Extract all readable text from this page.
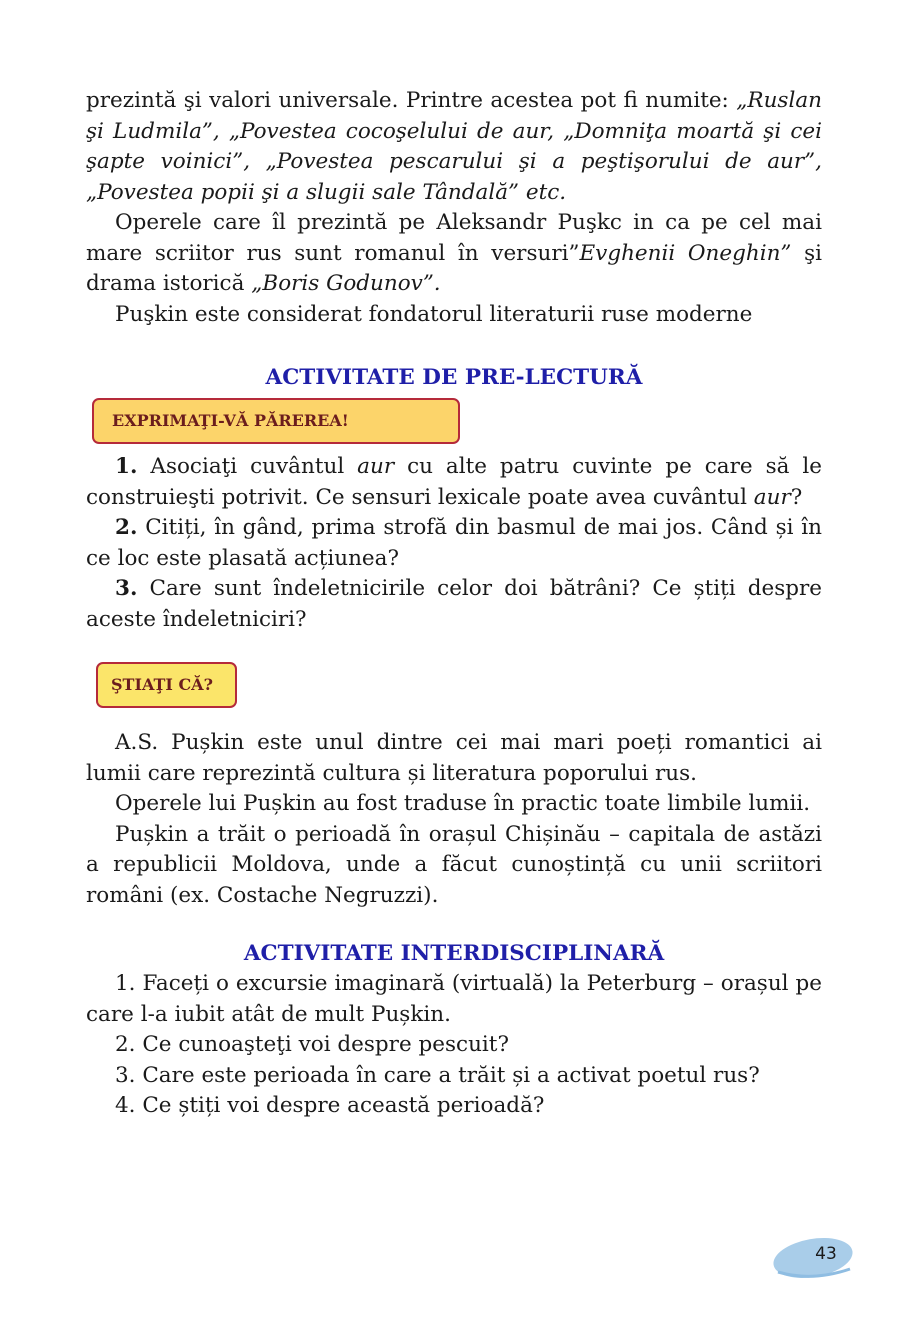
prezintă şi valori universale. Printre acestea pot fi numite: „Ruslan şi Ludmila”, „Povestea cocoşelului de aur, „Domniţa moartă şi cei şapte voinici”, „Povestea pescarului şi a peştişorului de aur”, „Povestea popii şi a slugii sale Tândală” etc.

Operele care îl prezintă pe Aleksandr Puşkc in ca pe cel mai mare scriitor rus sunt romanul în versuri”Evghenii Oneghin” şi drama istorică „Boris Godunov”.

Puşkin este considerat fondatorul literaturii ruse moderne

ACTIVITATE DE PRE-LECTURĂ
EXPRIMAŢI-VĂ PĂREREA!

1. Asociaţi cuvântul aur cu alte patru cuvinte pe care să le construieşti potrivit. Ce sensuri lexicale poate avea cuvântul aur?

2. Citiți, în gând, prima strofă din basmul de mai jos. Când și în ce loc este plasată acțiunea?

3. Care sunt îndeletnicirile celor doi bătrâni? Ce știți despre aceste îndeletniciri?

ŞTIAŢI CĂ?

A.S. Pușkin este unul dintre cei mai mari poeți romantici ai lumii care reprezintă cultura și literatura poporului rus.

Operele lui Pușkin au fost traduse în practic toate limbile lumii.

Pușkin a trăit o perioadă în orașul Chișinău – capitala de astăzi a republicii Moldova, unde a făcut cunoștință cu unii scriitori români (ex. Costache Negruzzi).

ACTIVITATE INTERDISCIPLINARĂ

1. Faceți o excursie imaginară (virtuală) la Peterburg – orașul pe care l-a iubit atât de mult Pușkin.

2. Ce cunoaşteţi voi despre pescuit?

3. Care este perioada în care a trăit și a activat poetul rus?

4. Ce știți voi despre această perioadă?

43
